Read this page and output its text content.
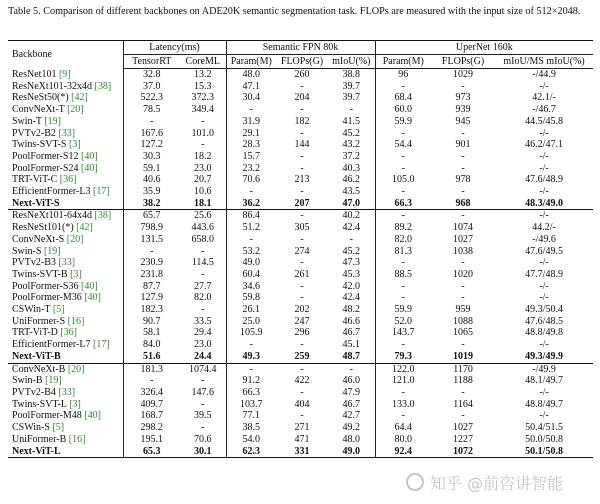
Table 5. Comparison of different backbones on ADE20K semantic segmentation task. FLOPs are measured with the input size of 512×2048.
Backbone	Latency(ms)		Semantic FPN 80k			UperNet 160k		
	TensorRT	CoreML	Param(M)	FLOPs(G)	mIoU(%)	Param(M)	FLOPs(G)	mIoU/MS mIoU(%)
ResNet101 [9]	32.8	13.2	48.0	260	38.8	96	1029	-/44.9
ResNeXt101-32x4d [38]	37.0	15.3	47.1	-	39.7	-	-	-/-
ResNeSt50(*) [42]	522.3	372.3	30.4	204	39.7	68.4	973	42.1/-
ConvNeXt-T [20]	78.5	349.4	-	-	-	60.0	939	-/46.7
Swin-T [19]	-	-	31.9	182	41.5	59.9	945	44.5/45.8
PVTv2-B2 [33]	167.6	101.0	29.1	-	45.2	-	-	-/-
Twins-SVT-S [3]	127.2	-	28.3	144	43.2	54.4	901	46.2/47.1
PoolFormer-S12 [40]	30.3	18.2	15.7	-	37.2	-	-	-/-
PoolFormer-S24 [40]	59.1	23.0	23.2	-	40.3	-	-	-/-
TRT-ViT-C [36]	40.6	20.7	70.6	213	46.2	105.0	978	47.6/48.9
EfficientFormer-L3 [17]	35.9	10.6	-	-	43.5	-	-	-/-
Next-ViT-S	38.2	18.1	36.2	207	47.0	66.3	968	48.3/49.0
ResNeXt101-64x4d [38]	65.7	25.6	86.4	-	40.2	-	-	-/-
ResNeSt101(*) [42]	798.9	443.6	51.2	305	42.4	89.2	1074	44.2/-
ConvNeXt-S [20]	131.5	658.0	-	-	-	82.0	1027	-/49.6
Swin-S [19]	-	-	53.2	274	45.2	81.3	1038	47.6/49.5
PVTv2-B3 [33]	230.9	114.5	49.0	-	47.3	-	-	-/-
Twins-SVT-B [3]	231.8	-	60.4	261	45.3	88.5	1020	47.7/48.9
PoolFormer-S36 [40]	87.7	27.7	34.6	-	42.0	-	-	-/-
PoolFormer-M36 [40]	127.9	82.0	59.8	-	42.4	-	-	-/-
CSWin-T [5]	182.3	-	26.1	202	48.2	59.9	959	49.3/50.4
UniFormer-S [16]	90.7	33.5	25.0	247	46.6	52.0	1088	47.6/48.5
TRT-ViT-D [36]	58.1	29.4	105.9	296	46.7	143.7	1065	48.8/49.8
EfficientFormer-L7 [17]	84.0	23.0	-	-	45.1	-	-	-/-
Next-ViT-B	51.6	24.4	49.3	259	48.7	79.3	1019	49.3/49.9
ConvNeXt-B [20]	181.3	1074.4	-	-	-	122.0	1170	-/49.9
Swin-B [19]	-	-	91.2	422	46.0	121.0	1188	48.1/49.7
PVTv2-B4 [33]	326.4	147.6	66.3	-	47.9	-	-	-/-
Twins-SVT-L [3]	409.7	-	103.7	404	46.7	133.0	1164	48.8/49.7
PoolFormer-M48 [40]	168.7	39.5	77.1	-	42.7	-	-	-/-
CSWin-S [5]	298.2	-	38.5	271	49.2	64.4	1027	50.4/51.5
UniFormer-B [16]	195.1	70.6	54.0	471	48.0	80.0	1227	50.0/50.8
Next-ViT-L	65.3	30.1	62.3	331	49.0	92.4	1072	50.1/50.8
知乎 @前咨讲智能
